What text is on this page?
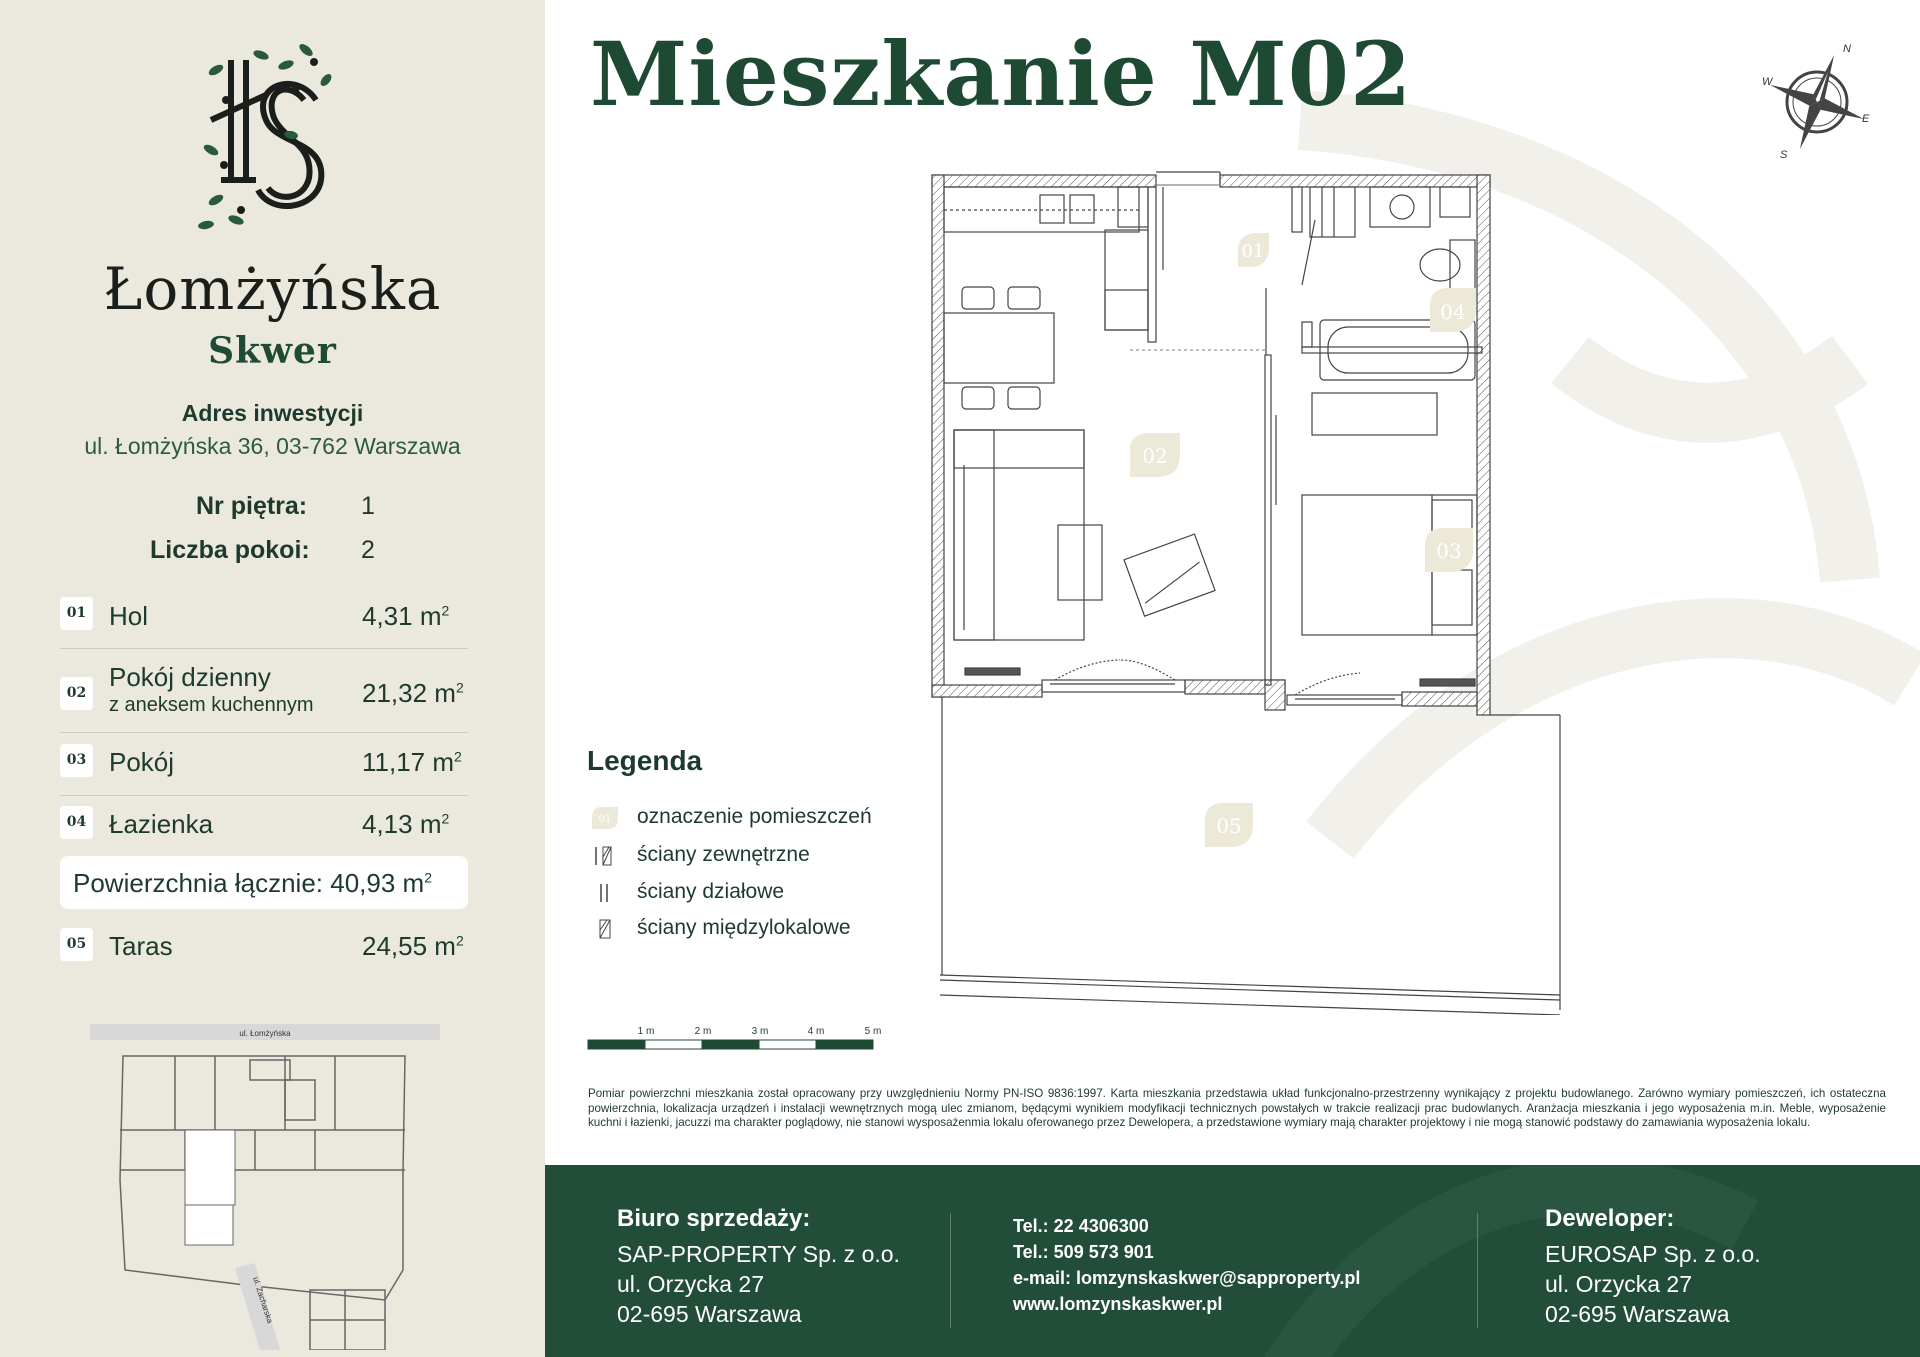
Łomżyńska
Skwer
Adres inwestycji
ul. Łomżyńska 36, 03-762 Warszawa
Nr piętra: 1
Liczba pokoi: 2
01 Hol	4,31 $m^2$
02
Pokój dzienny
z aneksem kuchennym 21,32 $m^2$
03 Pokój	11,17 $m^2$
04 Łazienka	4,13 $m^2$
Powierzchnia łącznie: 40,93 $m^2$
05 Taras	24,55 $m^2$
ul. Łomżyńska
ul. Zacharska
Mieszkanie M02	N
E
S
W
01
02
03
04
05
Legenda
01 oznaczenie pomieszczeń
ściany zewnętrzne
ściany działowe
ściany międzylokalowe
1 m	2 m	3 m	4 m	5 m
Pomiar powierzchni mieszkania został opracowany przy uwzględnieniu Normy PN-ISO 9836:1997. Karta mieszkania przedstawia układ funkcjonalno-przestrzenny wynikający z projektu budowlanego. Zarówno wymiary pomieszczeń, ich ostateczna powierzchnia, lokalizacja urządzeń i instalacji wewnętrznych mogą ulec zmianom, będącymi wynikiem modyfikacji technicznych powstałych w trakcie realizacji prac budowlanych. Aranżacja mieszkania i jego wyposażenia m.in. Meble, wyposażenie kuchni i łazienki, jacuzzi ma charakter poglądowy, nie stanowi wysposażenmia lokalu oferowanego przez Dewelopera, a przedstawione wymiary mają charakter projektowy i nie mogą stanowić podstawy do zamawiania wyposażenia lokalu.
Biuro sprzedaży:
SAP-PROPERTY Sp. z o.o.
ul. Orzycka 27
02-695 Warszawa
Tel.: 22 4306300
Tel.: 509 573 901
e-mail: lomzynskaskwer@sapproperty.pl
www.lomzynskaskwer.pl
Deweloper:
EUROSAP Sp. z o.o.
ul. Orzycka 27
02-695 Warszawa
